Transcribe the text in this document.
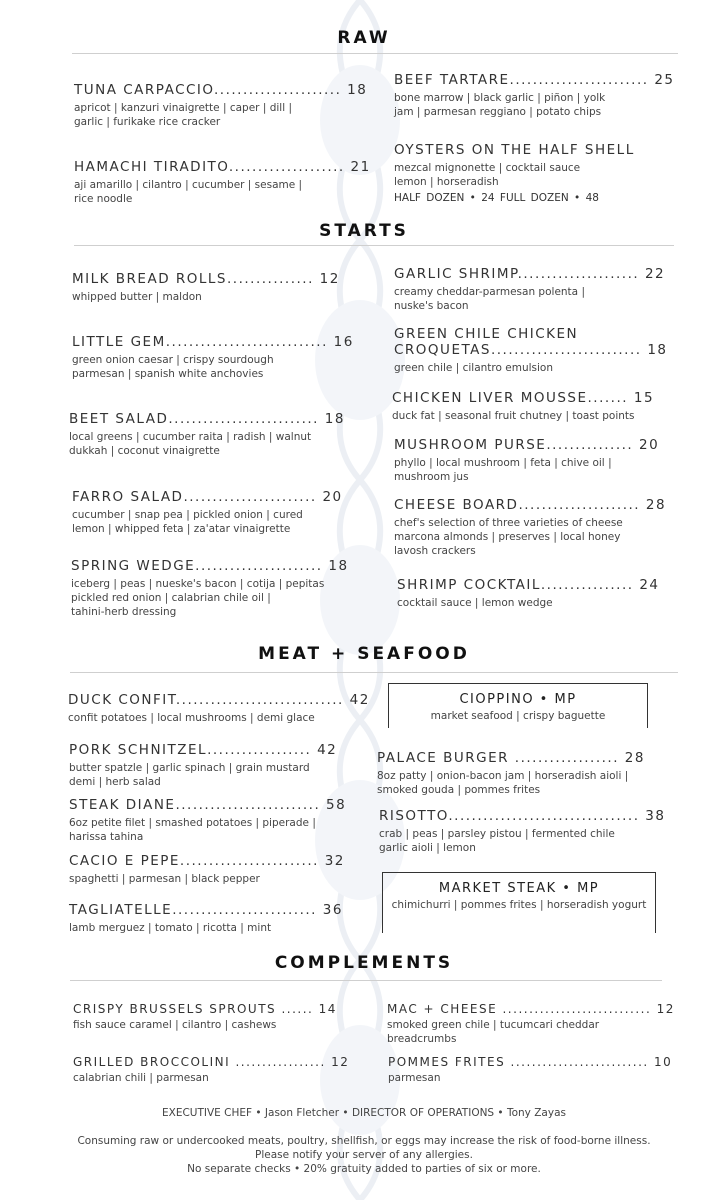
RAW
TUNA CARPACCIO...................... 18
apricot | kanzuri vinaigrette | caper | dill |
garlic | furikake rice cracker
BEEF TARTARE........................ 25
bone marrow | black garlic | piñon | yolk
jam | parmesan reggiano | potato chips
HAMACHI TIRADITO.................... 21
aji amarillo | cilantro | cucumber | sesame |
rice noodle
OYSTERS ON THE HALF SHELL
mezcal mignonette | cocktail sauce
lemon | horseradish
HALF DOZEN • 24 FULL DOZEN • 48
STARTS
MILK BREAD ROLLS............... 12
whipped butter | maldon
GARLIC SHRIMP..................... 22
creamy cheddar-parmesan polenta |
nuske's bacon
LITTLE GEM............................ 16
green onion caesar | crispy sourdough
parmesan | spanish white anchovies
GREEN CHILE CHICKEN
CROQUETAS.......................... 18
green chile | cilantro emulsion
CHICKEN LIVER MOUSSE....... 15
duck fat | seasonal fruit chutney | toast points
BEET SALAD.......................... 18
local greens | cucumber raita | radish | walnut
dukkah | coconut vinaigrette	MUSHROOM PURSE............... 20
phyllo | local mushroom | feta | chive oil |
mushroom jus
FARRO SALAD....................... 20
cucumber | snap pea | pickled onion | cured
lemon | whipped feta | za'atar vinaigrette
CHEESE BOARD..................... 28
chef's selection of three varieties of cheese
marcona almonds | preserves | local honey
lavosh crackers
SPRING WEDGE...................... 18
iceberg | peas | nueske's bacon | cotija | pepitas
pickled red onion | calabrian chile oil |
tahini-herb dressing
SHRIMP COCKTAIL................ 24
cocktail sauce | lemon wedge
MEAT + SEAFOOD
DUCK CONFIT............................. 42
confit potatoes | local mushrooms | demi glace
CIOPPINO • MP
market seafood | crispy baguette
PORK SCHNITZEL.................. 42
butter spatzle | garlic spinach | grain mustard
demi | herb salad
PALACE BURGER .................. 28
8oz patty | onion-bacon jam | horseradish aioli |
smoked gouda | pommes frites
STEAK DIANE......................... 58
6oz petite filet | smashed potatoes | piperade |
harissa tahina
RISOTTO................................. 38
crab | peas | parsley pistou | fermented chile
garlic aioli | lemon
CACIO E PEPE........................ 32
spaghetti | parmesan | black pepper
MARKET STEAK • MP
chimichurri | pommes frites | horseradish yogurt
TAGLIATELLE......................... 36
lamb merguez | tomato | ricotta | mint
COMPLEMENTS
CRISPY BRUSSELS SPROUTS ...... 14
fish sauce caramel | cilantro | cashews
MAC + CHEESE ............................ 12
smoked green chile | tucumcari cheddar
breadcrumbs
GRILLED BROCCOLINI ................. 12
calabrian chili | parmesan
POMMES FRITES .......................... 10
parmesan
EXECUTIVE CHEF • Jason Fletcher • DIRECTOR OF OPERATIONS • Tony Zayas
Consuming raw or undercooked meats, poultry, shellfish, or eggs may increase the risk of food-borne illness.
Please notify your server of any allergies.
No separate checks • 20% gratuity added to parties of six or more.
